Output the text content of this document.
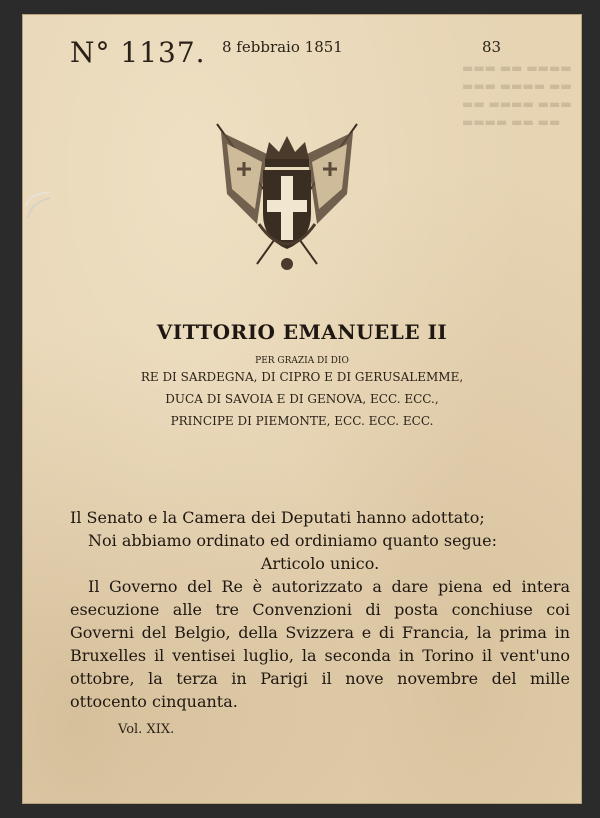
▬▬▬ ▬▬ ▬▬▬▬
▬▬▬ ▬▬▬▬ ▬▬
▬▬ ▬▬▬▬ ▬▬▬
▬▬▬▬ ▬▬ ▬▬
N° 1137. 8 febbraio 1851	83
VITTORIO EMANUELE II
PER GRAZIA DI DIO
RE DI SARDEGNA, DI CIPRO E DI GERUSALEMME,
DUCA DI SAVOIA E DI GENOVA, ECC. ECC.,
PRINCIPE DI PIEMONTE, ECC. ECC. ECC.

Il Senato e la Camera dei Deputati hanno adottato;

Noi abbiamo ordinato ed ordiniamo quanto segue:

Articolo unico.

Il Governo del Re è autorizzato a dare piena ed intera esecuzione alle tre Convenzioni di posta conchiuse coi Governi del Belgio, della Svizzera e di Francia, la prima in Bruxelles il ventisei luglio, la seconda in Torino il vent'uno ottobre, la terza in Parigi il nove novembre del mille ottocento cinquanta.

Vol. XIX.
